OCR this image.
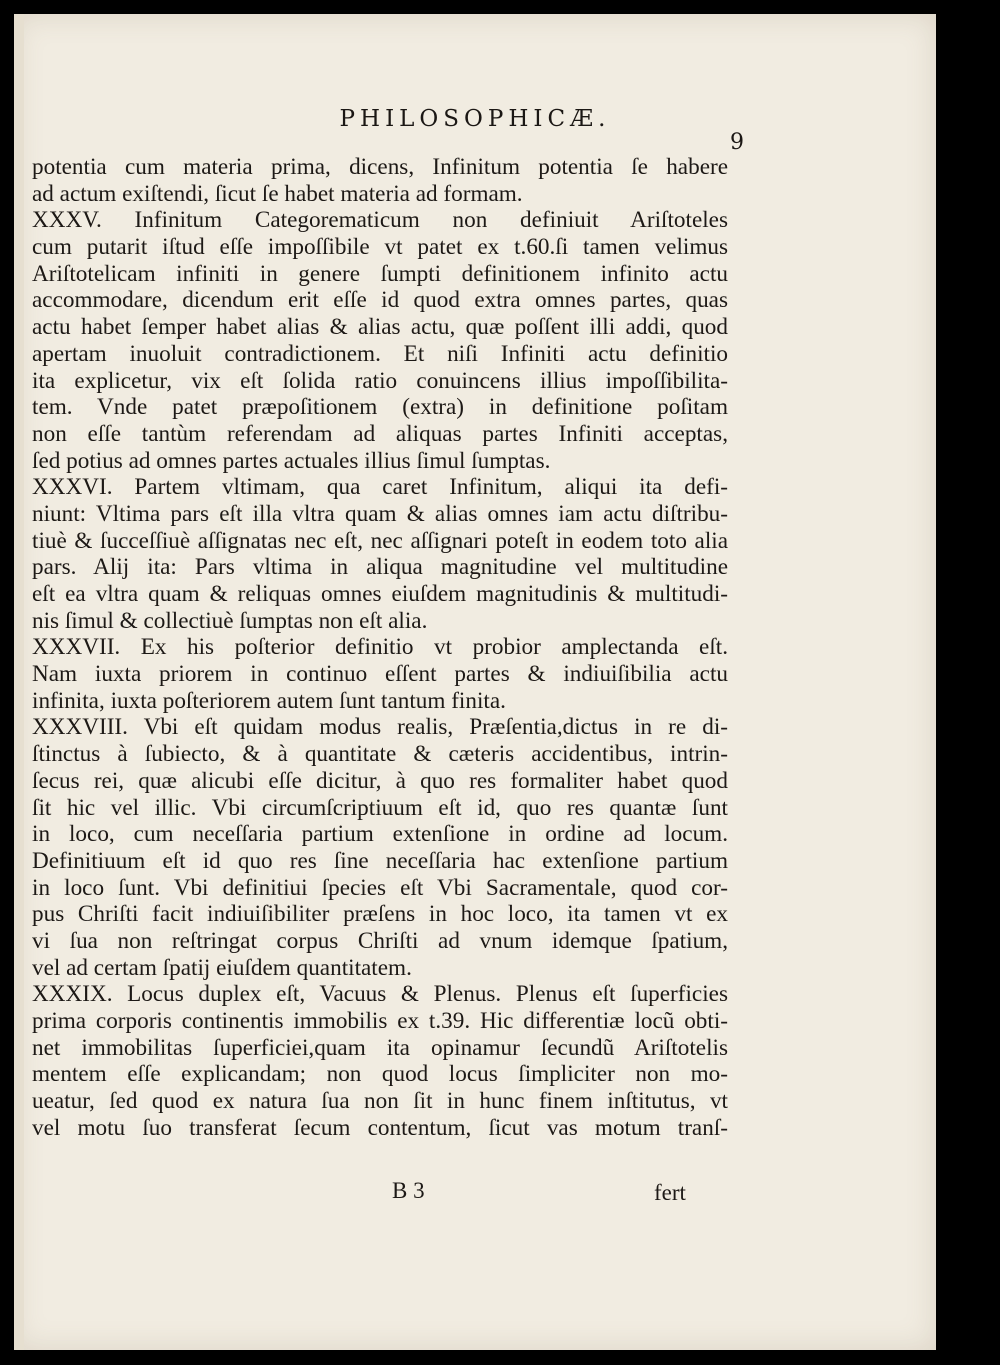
PHILOSOPHICÆ.
9
potentia cum materia prima, dicens, Infinitum potentia ſe habere
ad actum exiſtendi, ſicut ſe habet materia ad formam.
XXXV. Infinitum Categorematicum non definiuit Ariſtoteles
cum putarit iſtud eſſe impoſſibile vt patet ex t.60.ſi tamen velimus
Ariſtotelicam infiniti in genere ſumpti definitionem infinito actu
accommodare, dicendum erit eſſe id quod extra omnes partes, quas
actu habet ſemper habet alias & alias actu, quæ poſſent illi addi, quod
apertam inuoluit contradictionem. Et niſi Infiniti actu definitio
ita explicetur, vix eſt ſolida ratio conuincens illius impoſſibilita-
tem. Vnde patet præpoſitionem (extra) in definitione poſitam
non eſſe tantùm referendam ad aliquas partes Infiniti acceptas,
ſed potius ad omnes partes actuales illius ſimul ſumptas.
XXXVI. Partem vltimam, qua caret Infinitum, aliqui ita defi-
niunt: Vltima pars eſt illa vltra quam & alias omnes iam actu diſtribu-
tiuè & ſucceſſiuè aſſignatas nec eſt, nec aſſignari poteſt in eodem toto alia
pars. Alij ita: Pars vltima in aliqua magnitudine vel multitudine
eſt ea vltra quam & reliquas omnes eiuſdem magnitudinis & multitudi-
nis ſimul & collectiuè ſumptas non eſt alia.
XXXVII. Ex his poſterior definitio vt probior amplectanda eſt.
Nam iuxta priorem in continuo eſſent partes & indiuiſibilia actu
infinita, iuxta poſteriorem autem ſunt tantum finita.
XXXVIII. Vbi eſt quidam modus realis, Præſentia,dictus in re di-
ſtinctus à ſubiecto, & à quantitate & cæteris accidentibus, intrin-
ſecus rei, quæ alicubi eſſe dicitur, à quo res formaliter habet quod
ſit hic vel illic. Vbi circumſcriptiuum eſt id, quo res quantæ ſunt
in loco, cum neceſſaria partium extenſione in ordine ad locum.
Definitiuum eſt id quo res ſine neceſſaria hac extenſione partium
in loco ſunt. Vbi definitiui ſpecies eſt Vbi Sacramentale, quod cor-
pus Chriſti facit indiuiſibiliter præſens in hoc loco, ita tamen vt ex
vi ſua non reſtringat corpus Chriſti ad vnum idemque ſpatium,
vel ad certam ſpatij eiuſdem quantitatem.
XXXIX. Locus duplex eſt, Vacuus & Plenus. Plenus eſt ſuperficies
prima corporis continentis immobilis ex t.39. Hic differentiæ locũ obti-
net immobilitas ſuperficiei,quam ita opinamur ſecundũ Ariſtotelis
mentem eſſe explicandam; non quod locus ſimpliciter non mo-
ueatur, ſed quod ex natura ſua non ſit in hunc finem inſtitutus, vt
vel motu ſuo transferat ſecum contentum, ſicut vas motum tranſ-
B 3	fert
